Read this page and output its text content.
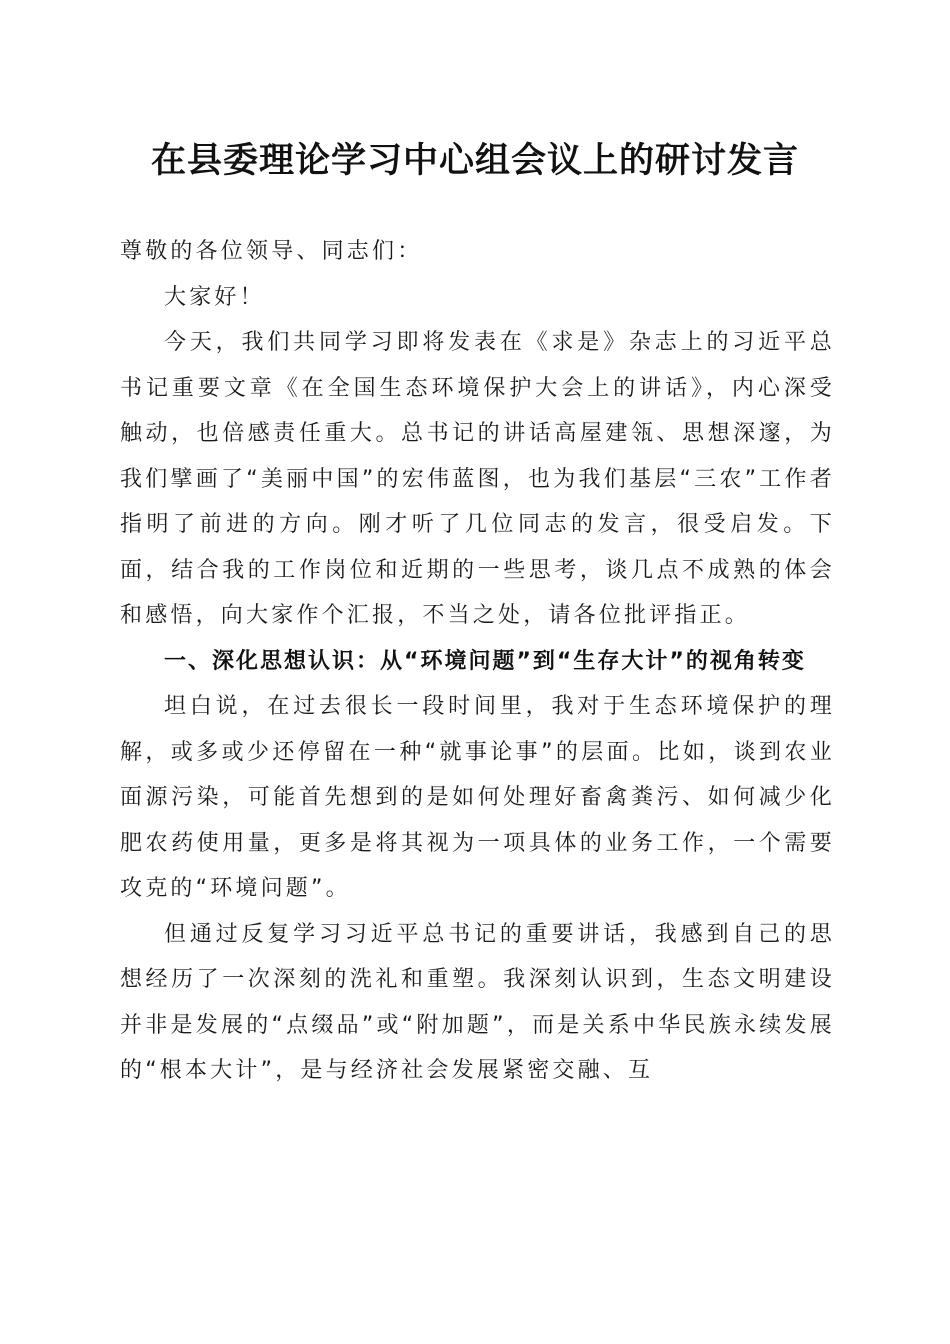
在县委理论学习中心组会议上的研讨发言

尊敬的各位领导、同志们：

大家好！

今天，我们共同学习即将发表在《求是》杂志上的习近平总书记重要文章《在全国生态环境保护大会上的讲话》，内心深受触动，也倍感责任重大。总书记的讲话高屋建瓴、思想深邃，为我们擘画了“美丽中国”的宏伟蓝图，也为我们基层“三农”工作者指明了前进的方向。刚才听了几位同志的发言，很受启发。下面，结合我的工作岗位和近期的一些思考，谈几点不成熟的体会和感悟，向大家作个汇报，不当之处，请各位批评指正。

一、深化思想认识：从“环境问题”到“生存大计”的视角转变

坦白说，在过去很长一段时间里，我对于生态环境保护的理解，或多或少还停留在一种“就事论事”的层面。比如，谈到农业面源污染，可能首先想到的是如何处理好畜禽粪污、如何减少化肥农药使用量，更多是将其视为一项具体的业务工作，一个需要攻克的“环境问题”。

但通过反复学习习近平总书记的重要讲话，我感到自己的思想经历了一次深刻的洗礼和重塑。我深刻认识到，生态文明建设并非是发展的“点缀品”或“附加题”，而是关系中华民族永续发展的“根本大计”，是与经济社会发展紧密交融、互
